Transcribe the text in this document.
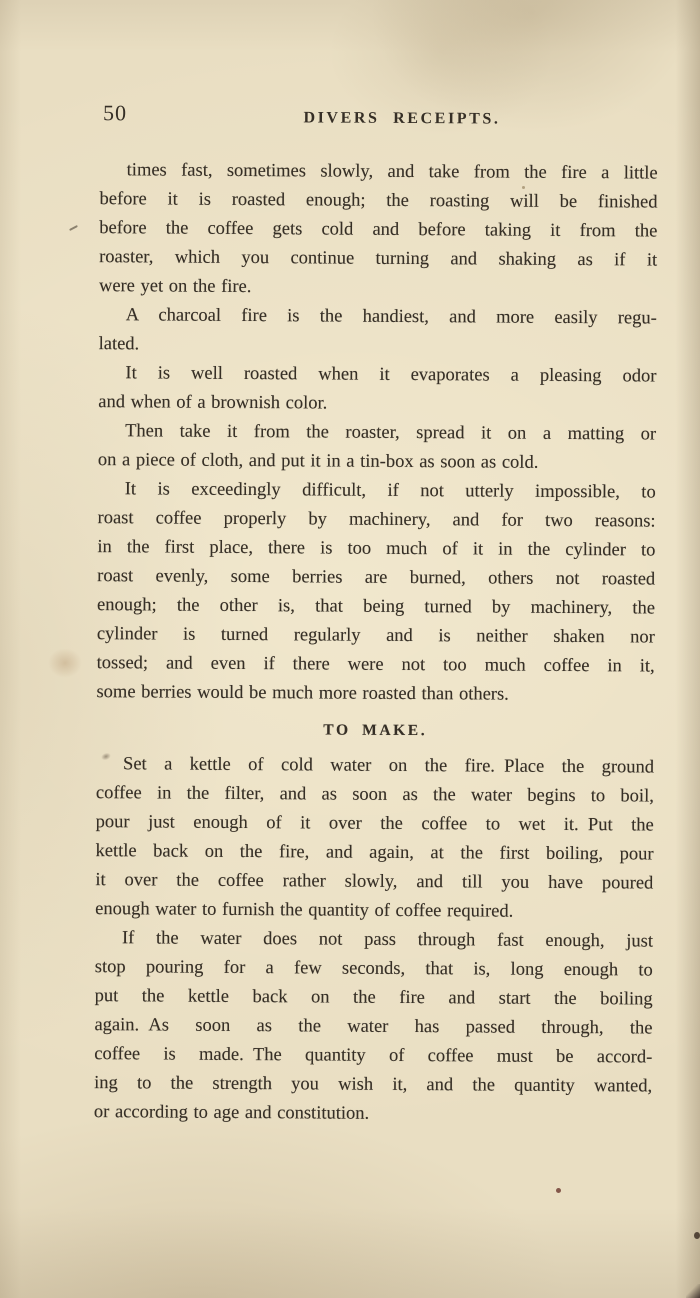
50	DIVERS RECEIPTS.
times fast, sometimes slowly, and take from the fire a little
before it is roasted enough; the roasting will be finished
before the coffee gets cold and before taking it from the
roaster, which you continue turning and shaking as if it
were yet on the fire.
A charcoal fire is the handiest, and more easily regu-
lated.
It is well roasted when it evaporates a pleasing odor
and when of a brownish color.
Then take it from the roaster, spread it on a matting or
on a piece of cloth, and put it in a tin-box as soon as cold.
It is exceedingly difficult, if not utterly impossible, to
roast coffee properly by machinery, and for two reasons:
in the first place, there is too much of it in the cylinder to
roast evenly, some berries are burned, others not roasted
enough; the other is, that being turned by machinery, the
cylinder is turned regularly and is neither shaken nor
tossed; and even if there were not too much coffee in it,
some berries would be much more roasted than others.
TO MAKE.
Set a kettle of cold water on the fire. Place the ground
coffee in the filter, and as soon as the water begins to boil,
pour just enough of it over the coffee to wet it. Put the
kettle back on the fire, and again, at the first boiling, pour
it over the coffee rather slowly, and till you have poured
enough water to furnish the quantity of coffee required.
If the water does not pass through fast enough, just
stop pouring for a few seconds, that is, long enough to
put the kettle back on the fire and start the boiling
again. As soon as the water has passed through, the
coffee is made. The quantity of coffee must be accord-
ing to the strength you wish it, and the quantity wanted,
or according to age and constitution.
